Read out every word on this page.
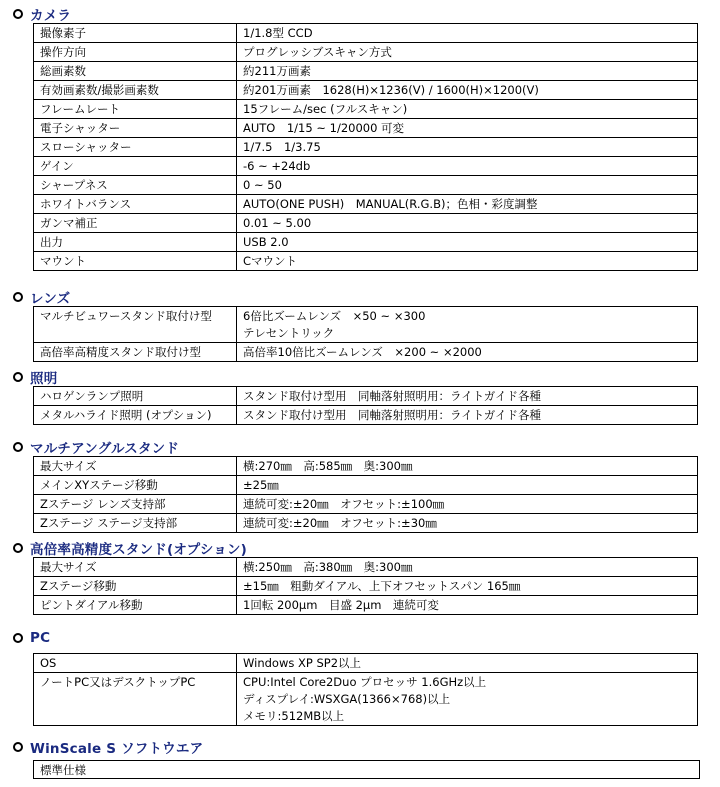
カメラ
撮像素子	1/1.8型 CCD

操作方向	プログレッシブスキャン方式

総画素数	約211万画素

有効画素数/撮影画素数	約201万画素　1628(H)×1236(V) / 1600(H)×1200(V)

フレームレート	15フレーム/sec (フルスキャン)

電子シャッター	AUTO　1/15 ~ 1/20000 可変

スローシャッター	1/7.5　1/3.75

ゲイン	-6 ~ +24db

シャープネス	0 ~ 50

ホワイトバランス	AUTO(ONE PUSH)　MANUAL(R.G.B)；色相・彩度調整

ガンマ補正	0.01 ~ 5.00

出力	USB 2.0

マウント	Cマウント
レンズ
マルチビュワースタンド取付け型	6倍比ズームレンズ　×50 ~ ×300
テレセントリック

高倍率高精度スタンド取付け型	高倍率10倍比ズームレンズ　×200 ~ ×2000
照明
ハロゲンランプ照明	スタンド取付け型用　同軸落射照明用：ライトガイド各種

メタルハライド照明 (オプション)	スタンド取付け型用　同軸落射照明用：ライトガイド各種
マルチアングルスタンド
最大サイズ	横:270㎜　高:585㎜　奥:300㎜

メインXYステージ移動	±25㎜

Zステージ レンズ支持部	連続可変:±20㎜　オフセット:±100㎜

Zステージ ステージ支持部	連続可変:±20㎜　オフセット:±30㎜
高倍率高精度スタンド(オプション)
最大サイズ	横:250㎜　高:380㎜　奥:300㎜

Zステージ移動	±15㎜　粗動ダイアル、上下オフセットスパン 165㎜

ピントダイアル移動	1回転 200μm　目盛 2μm　連続可変
PC
OS	Windows XP SP2以上

ノートPC又はデスクトップPC	CPU:Intel Core2Duo プロセッサ 1.6GHz以上
ディスプレイ:WSXGA(1366×768)以上
メモリ:512MB以上
WinScale S ソフトウエア
標準仕様
